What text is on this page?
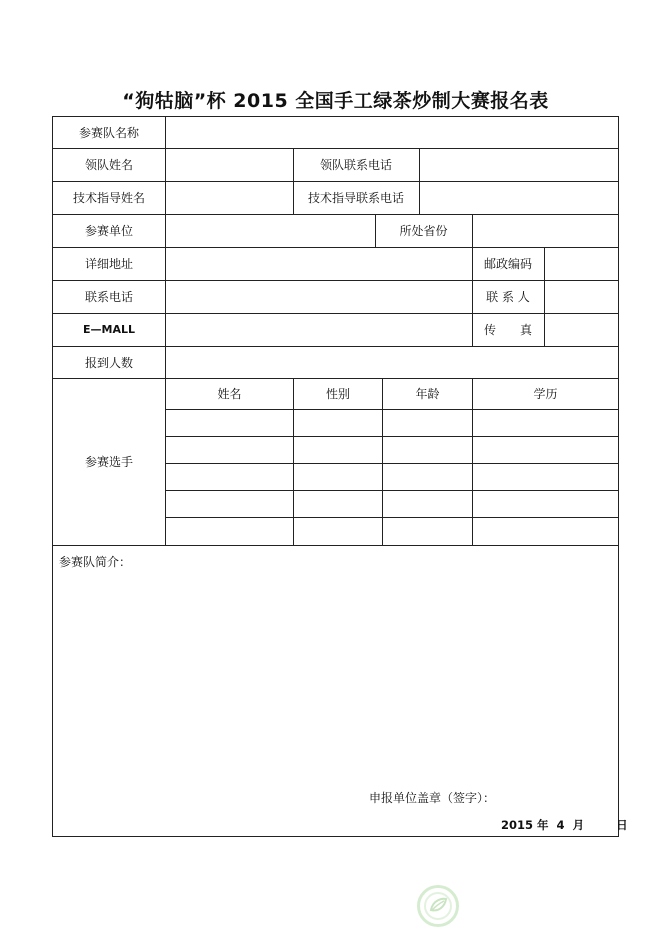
“狗牯脑”杯 2015 全国手工绿茶炒制大赛报名表
参赛队名称
领队姓名	领队联系电话
技术指导姓名	技术指导联系电话
参赛单位	所处省份
详细地址	邮政编码
联系电话	联 系 人
E—MALL	传　　真
报到人数
参赛选手
姓名	性别	年龄	学历
参赛队简介：
申报单位盖章（签字）：
2015 年 4 月	日
